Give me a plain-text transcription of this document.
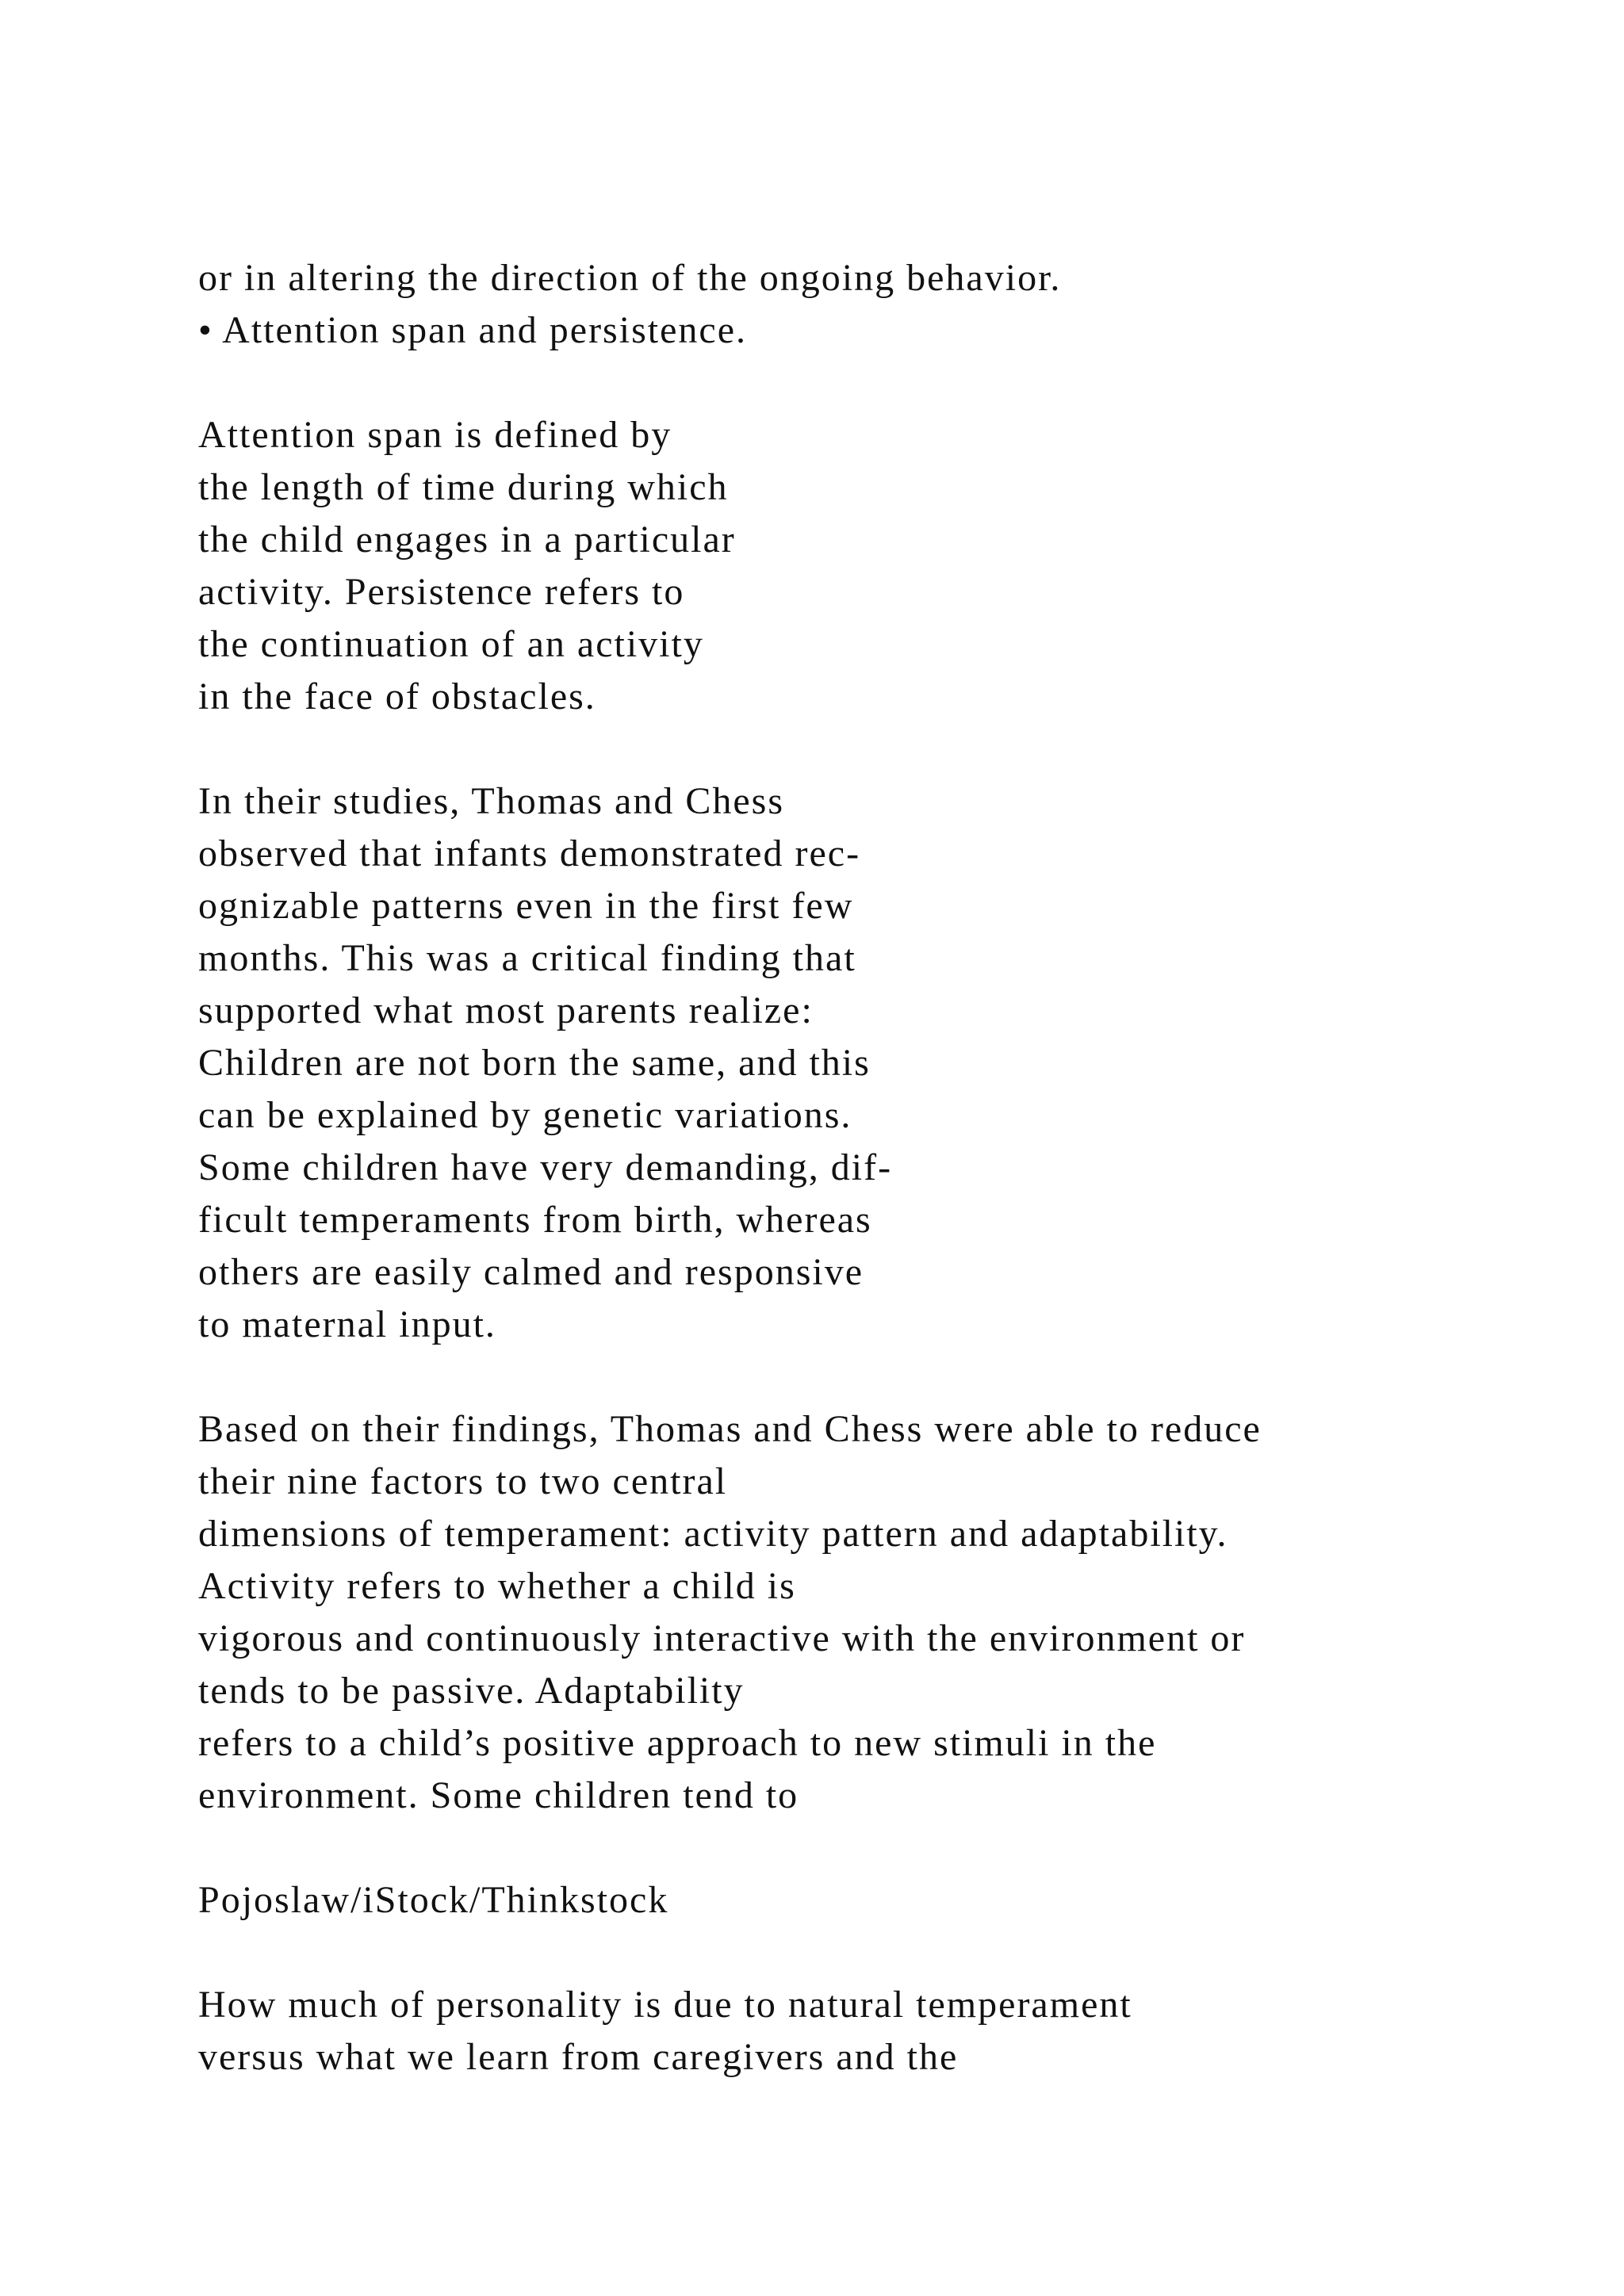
or in altering the direction of the ongoing behavior.
• Attention span and persistence.
Attention span is defined by
the length of time during which
the child engages in a particular
activity. Persistence refers to
the continuation of an activity
in the face of obstacles.
In their studies, Thomas and Chess
observed that infants demonstrated rec-
ognizable patterns even in the first few
months. This was a critical finding that
supported what most parents realize:
Children are not born the same, and this
can be explained by genetic variations.
Some children have very demanding, dif-
ficult temperaments from birth, whereas
others are easily calmed and responsive
to maternal input.
Based on their findings, Thomas and Chess were able to reduce
their nine factors to two central
dimensions of temperament: activity pattern and adaptability.
Activity refers to whether a child is
vigorous and continuously interactive with the environment or
tends to be passive. Adaptability
refers to a child’s positive approach to new stimuli in the
environment. Some children tend to
Pojoslaw/iStock/Thinkstock
How much of personality is due to natural temperament
versus what we learn from caregivers and the
